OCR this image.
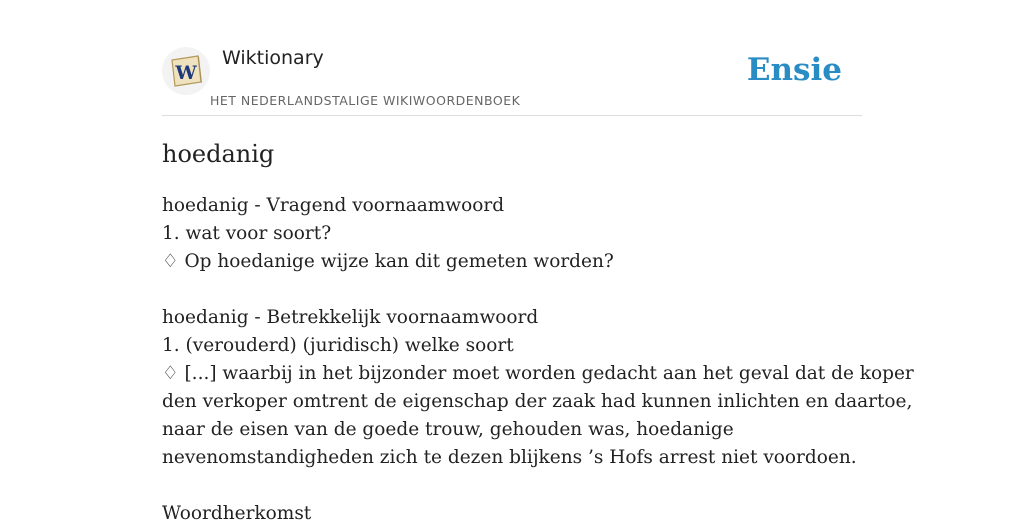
W
Wiktionary
HET NEDERLANDSTALIGE WIKIWOORDENBOEK
Ensie
hoedanig
hoedanig - Vragend voornaamwoord
1. wat voor soort?
♢ Op hoedanige wijze kan dit gemeten worden?
hoedanig - Betrekkelijk voornaamwoord
1. (verouderd) (juridisch) welke soort
♢ [...] waarbij in het bijzonder moet worden gedacht aan het geval dat de koper
den verkoper omtrent de eigenschap der zaak had kunnen inlichten en daartoe,
naar de eisen van de goede trouw, gehouden was, hoedanige
nevenomstandigheden zich te dezen blijkens ’s Hofs arrest niet voordoen.
Woordherkomst
